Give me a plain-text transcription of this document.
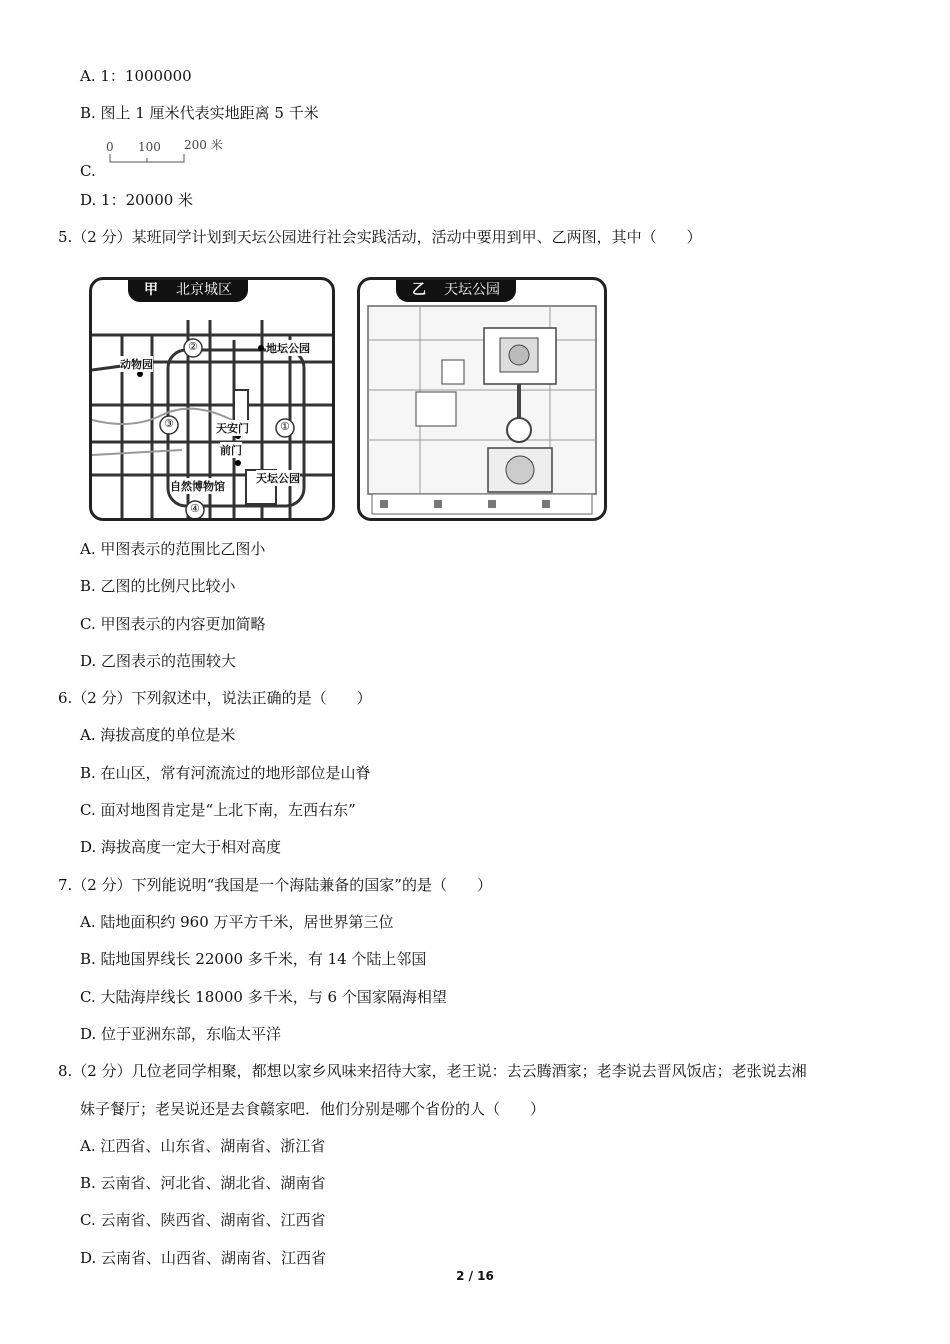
A. 1：1000000
B. 图上 1 厘米代表实地距离 5 千米
C.
0 100 200 米
D. 1：20000 米
5.（2 分）某班同学计划到天坛公园进行社会实践活动，活动中要用到甲、乙两图，其中（　　）
甲 北京城区
②
①
③
④
地坛公园
动物园
天安门
前门
自然博物馆
天坛公园
乙 天坛公园
A. 甲图表示的范围比乙图小
B. 乙图的比例尺比较小
C. 甲图表示的内容更加简略
D. 乙图表示的范围较大
6.（2 分）下列叙述中，说法正确的是（　　）
A. 海拔高度的单位是米
B. 在山区，常有河流流过的地形部位是山脊
C. 面对地图肯定是“上北下南，左西右东”
D. 海拔高度一定大于相对高度
7.（2 分）下列能说明“我国是一个海陆兼备的国家”的是（　　）
A. 陆地面积约 960 万平方千米，居世界第三位
B. 陆地国界线长 22000 多千米，有 14 个陆上邻国
C. 大陆海岸线长 18000 多千米，与 6 个国家隔海相望
D. 位于亚洲东部，东临太平洋
8.（2 分）几位老同学相聚，都想以家乡风味来招待大家，老王说：去云腾酒家；老李说去晋风饭店；老张说去湘
妹子餐厅；老吴说还是去食赣家吧．他们分别是哪个省份的人（　　）
A. 江西省、山东省、湖南省、浙江省
B. 云南省、河北省、湖北省、湖南省
C. 云南省、陕西省、湖南省、江西省
D. 云南省、山西省、湖南省、江西省
2 / 16
